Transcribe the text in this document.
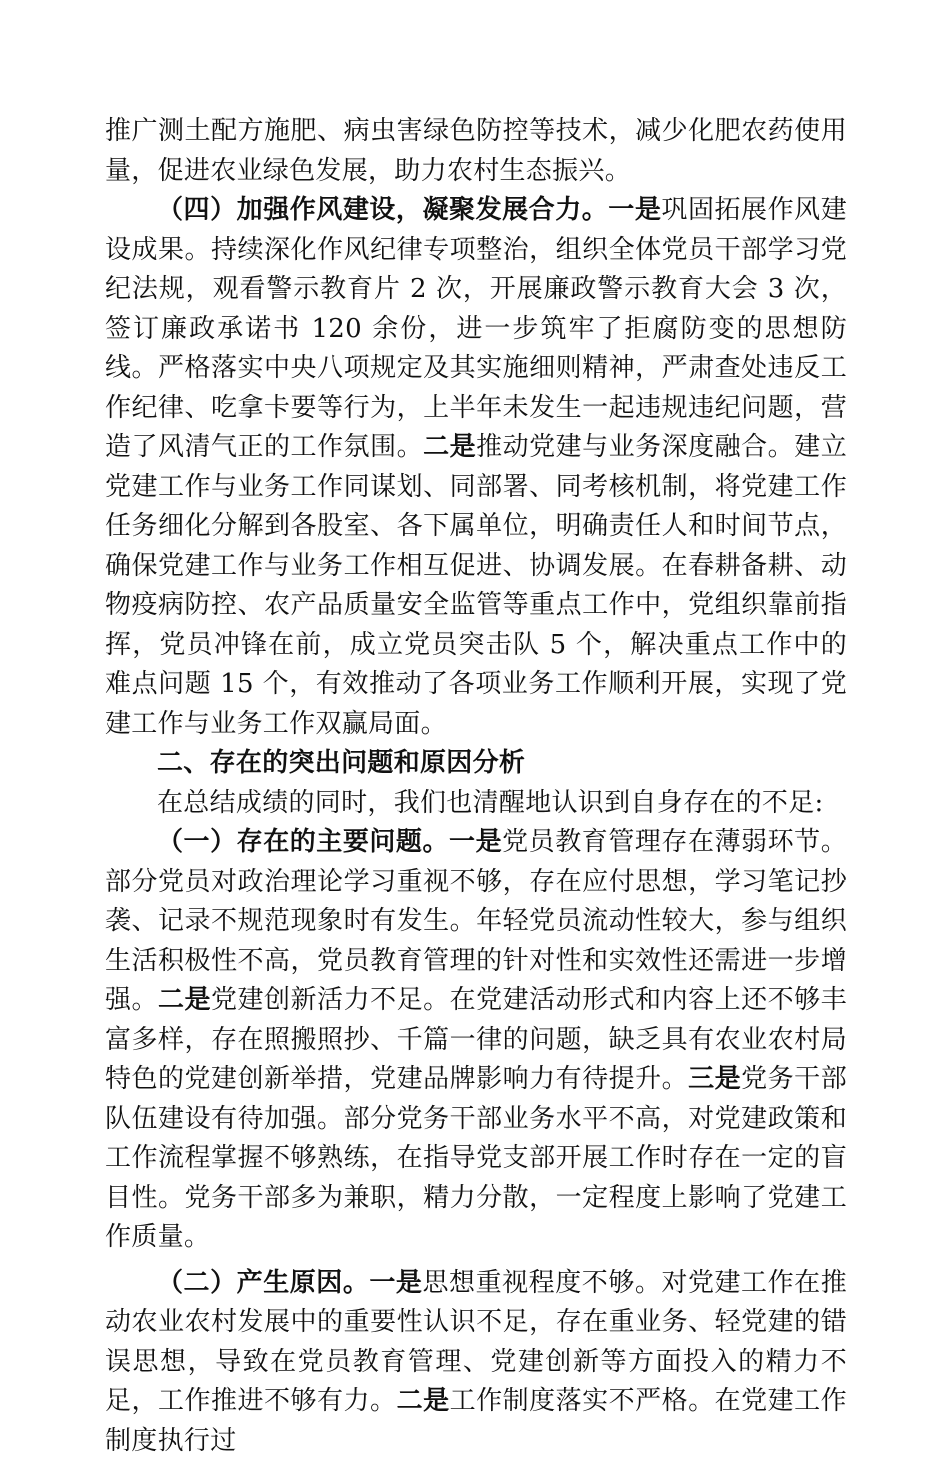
推广测土配方施肥、病虫害绿色防控等技术，减少化肥农药使用量，促进农业绿色发展，助力农村生态振兴。

（四）加强作风建设，凝聚发展合力。一是巩固拓展作风建设成果。持续深化作风纪律专项整治，组织全体党员干部学习党纪法规，观看警示教育片 2 次，开展廉政警示教育大会 3 次，签订廉政承诺书 120 余份，进一步筑牢了拒腐防变的思想防线。严格落实中央八项规定及其实施细则精神，严肃查处违反工作纪律、吃拿卡要等行为，上半年未发生一起违规违纪问题，营造了风清气正的工作氛围。二是推动党建与业务深度融合。建立党建工作与业务工作同谋划、同部署、同考核机制，将党建工作任务细化分解到各股室、各下属单位，明确责任人和时间节点，确保党建工作与业务工作相互促进、协调发展。在春耕备耕、动物疫病防控、农产品质量安全监管等重点工作中，党组织靠前指挥，党员冲锋在前，成立党员突击队 5 个，解决重点工作中的难点问题 15 个，有效推动了各项业务工作顺利开展，实现了党建工作与业务工作双赢局面。

二、存在的突出问题和原因分析

在总结成绩的同时，我们也清醒地认识到自身存在的不足:

（一）存在的主要问题。一是党员教育管理存在薄弱环节。部分党员对政治理论学习重视不够，存在应付思想，学习笔记抄袭、记录不规范现象时有发生。年轻党员流动性较大，参与组织生活积极性不高，党员教育管理的针对性和实效性还需进一步增强。二是党建创新活力不足。在党建活动形式和内容上还不够丰富多样，存在照搬照抄、千篇一律的问题，缺乏具有农业农村局特色的党建创新举措，党建品牌影响力有待提升。三是党务干部队伍建设有待加强。部分党务干部业务水平不高，对党建政策和工作流程掌握不够熟练，在指导党支部开展工作时存在一定的盲目性。党务干部多为兼职，精力分散，一定程度上影响了党建工作质量。

（二）产生原因。一是思想重视程度不够。对党建工作在推动农业农村发展中的重要性认识不足，存在重业务、轻党建的错误思想，导致在党员教育管理、党建创新等方面投入的精力不足，工作推进不够有力。二是工作制度落实不严格。在党建工作制度执行过
